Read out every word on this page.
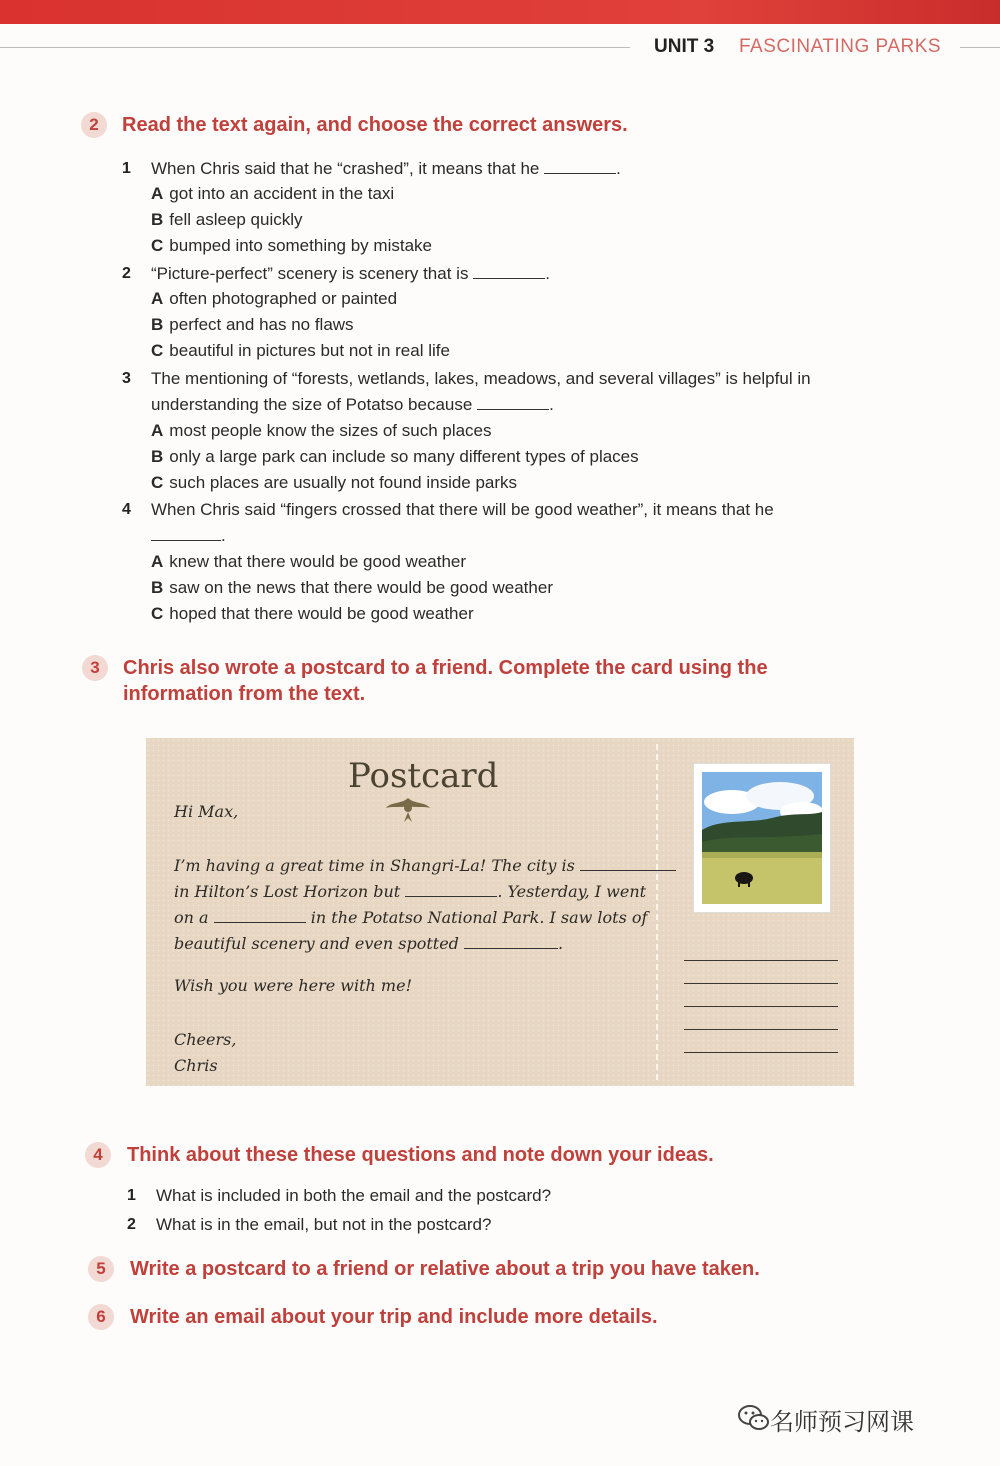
UNIT 3 FASCINATING PARKS
2	Read the text again, and choose the correct answers.
1 When Chris said that he “crashed”, it means that he	.
A got into an accident in the taxi
B fell asleep quickly
C bumped into something by mistake
2 “Picture-perfect” scenery is scenery that is	.
A often photographed or painted
B perfect and has no flaws
C beautiful in pictures but not in real life
3 The mentioning of “forests, wetlands, lakes, meadows, and several villages” is helpful in
understanding the size of Potatso because	.
A most people know the sizes of such places
B only a large park can include so many different types of places
C such places are usually not found inside parks
4 When Chris said “fingers crossed that there will be good weather”, it means that he
.
A knew that there would be good weather
B saw on the news that there would be good weather
C hoped that there would be good weather
3	Chris also wrote a postcard to a friend. Complete the card using the
information from the text.
Postcard
Hi Max,
I’m having a great time in Shangri-La! The city is
in Hilton’s Lost Horizon but	. Yesterday, I went
on a	in the Potatso National Park. I saw lots of
beautiful scenery and even spotted	.
Wish you were here with me!
Cheers,
Chris
4	Think about these these questions and note down your ideas.
1 What is included in both the email and the postcard?
2 What is in the email, but not in the postcard?
5	Write a postcard to a friend or relative about a trip you have taken.
6	Write an email about your trip and include more details.
名师预习网课
